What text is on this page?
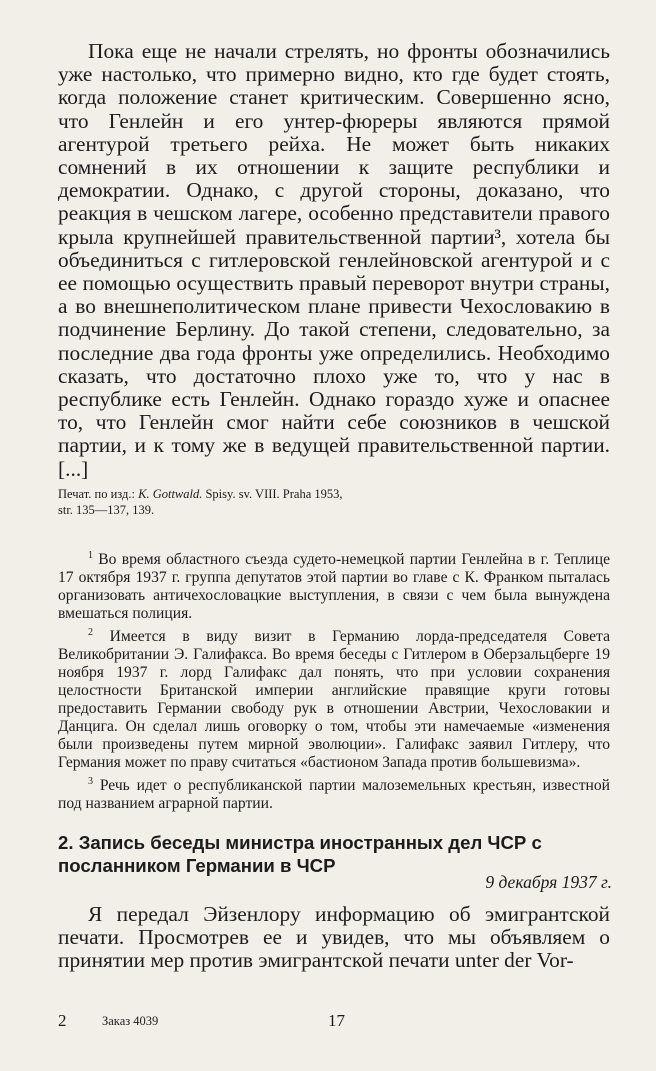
Пока еще не начали стрелять, но фронты обозначились уже настолько, что примерно видно, кто где будет стоять, когда положение станет критическим. Совершенно ясно, что Генлейн и его унтер-фюреры являются прямой агентурой третьего рейха. Не может быть никаких сомнений в их отношении к защите республики и демократии. Однако, с другой стороны, доказано, что реакция в чешском лагере, особенно представители правого крыла крупнейшей правительственной партии³, хотела бы объединиться с гитлеровской генлейновской агентурой и с ее помощью осуществить правый переворот внутри страны, а во внешнеполитическом плане привести Чехословакию в подчинение Берлину. До такой степени, следовательно, за последние два года фронты уже определились. Необходимо сказать, что достаточно плохо уже то, что у нас в республике есть Генлейн. Однако гораздо хуже и опаснее то, что Генлейн смог найти себе союзников в чешской партии, и к тому же в ведущей правительственной партии. [...]

Печат. по изд.: K. Gottwald. Spisy. sv. VIII. Praha 1953, str. 135—137, 139.

$^1$ Во время областного съезда судето-немецкой партии Генлейна в г. Теплице 17 октября 1937 г. группа депутатов этой партии во главе с К. Франком пыталась организовать античехословацкие выступления, в связи с чем была вынуждена вмешаться полиция.

$^2$ Имеется в виду визит в Германию лорда-председателя Совета Великобритании Э. Галифакса. Во время беседы с Гитлером в Оберзальцберге 19 ноября 1937 г. лорд Галифакс дал понять, что при условии сохранения целостности Британской империи английские правящие круги готовы предоставить Германии свободу рук в отношении Австрии, Чехословакии и Данцига. Он сделал лишь оговорку о том, чтобы эти намечаемые «изменения были произведены путем мирной эволюции». Галифакс заявил Гитлеру, что Германия может по праву считаться «бастионом Запада против большевизма».

$^3$ Речь идет о республиканской партии малоземельных крестьян, известной под названием аграрной партии.

2. Запись беседы министра иностранных дел ЧСР с посланником Германии в ЧСР
9 декабря 1937 г.

Я передал Эйзенлору информацию об эмигрантской печати. Просмотрев ее и увидев, что мы объявляем о принятии мер против эмигрантской печати unter der Vor-

2	Заказ 4039	17
